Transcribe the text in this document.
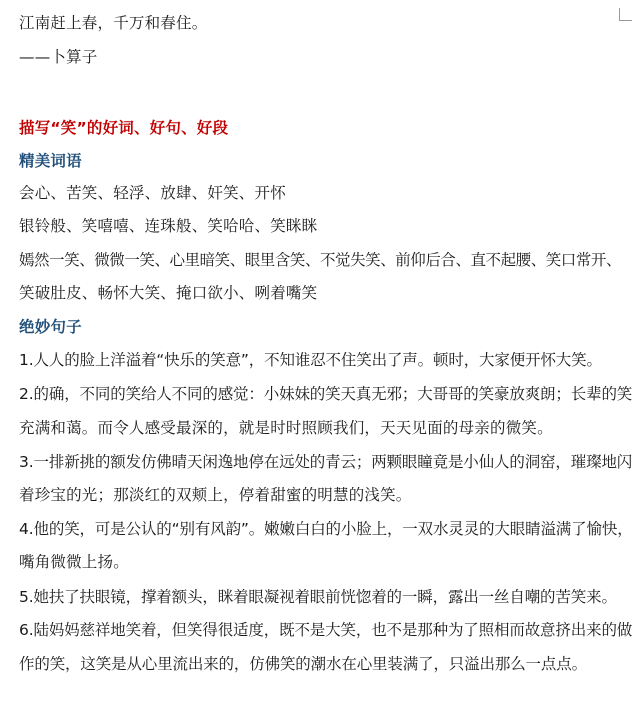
江南赶上春，千万和春住。
——卜算子
描写“笑”的好词、好句、好段
精美词语
会心、苦笑、轻浮、放肆、奸笑、开怀
银铃般、笑嘻嘻、连珠般、笑哈哈、笑眯眯
嫣然一笑、微微一笑、心里暗笑、眼里含笑、不觉失笑、前仰后合、直不起腰、笑口常开、
笑破肚皮、畅怀大笑、掩口欲小、咧着嘴笑
绝妙句子
1.人人的脸上洋溢着“快乐的笑意”，不知谁忍不住笑出了声。顿时，大家便开怀大笑。
2.的确，不同的笑给人不同的感觉：小妹妹的笑天真无邪；大哥哥的笑豪放爽朗；长辈的笑
充满和蔼。而令人感受最深的，就是时时照顾我们，天天见面的母亲的微笑。
3.一排新挑的额发仿佛晴天闲逸地停在远处的青云；两颗眼瞳竟是小仙人的洞窑，璀璨地闪
着珍宝的光；那淡红的双颊上，停着甜蜜的明慧的浅笑。
4.他的笑，可是公认的“别有风韵”。嫩嫩白白的小脸上，一双水灵灵的大眼睛溢满了愉快，
嘴角微微上扬。
5.她扶了扶眼镜，撑着额头，眯着眼凝视着眼前恍惚着的一瞬，露出一丝自嘲的苦笑来。
6.陆妈妈慈祥地笑着，但笑得很适度，既不是大笑，也不是那种为了照相而故意挤出来的做
作的笑，这笑是从心里流出来的，仿佛笑的潮水在心里装满了，只溢出那么一点点。
